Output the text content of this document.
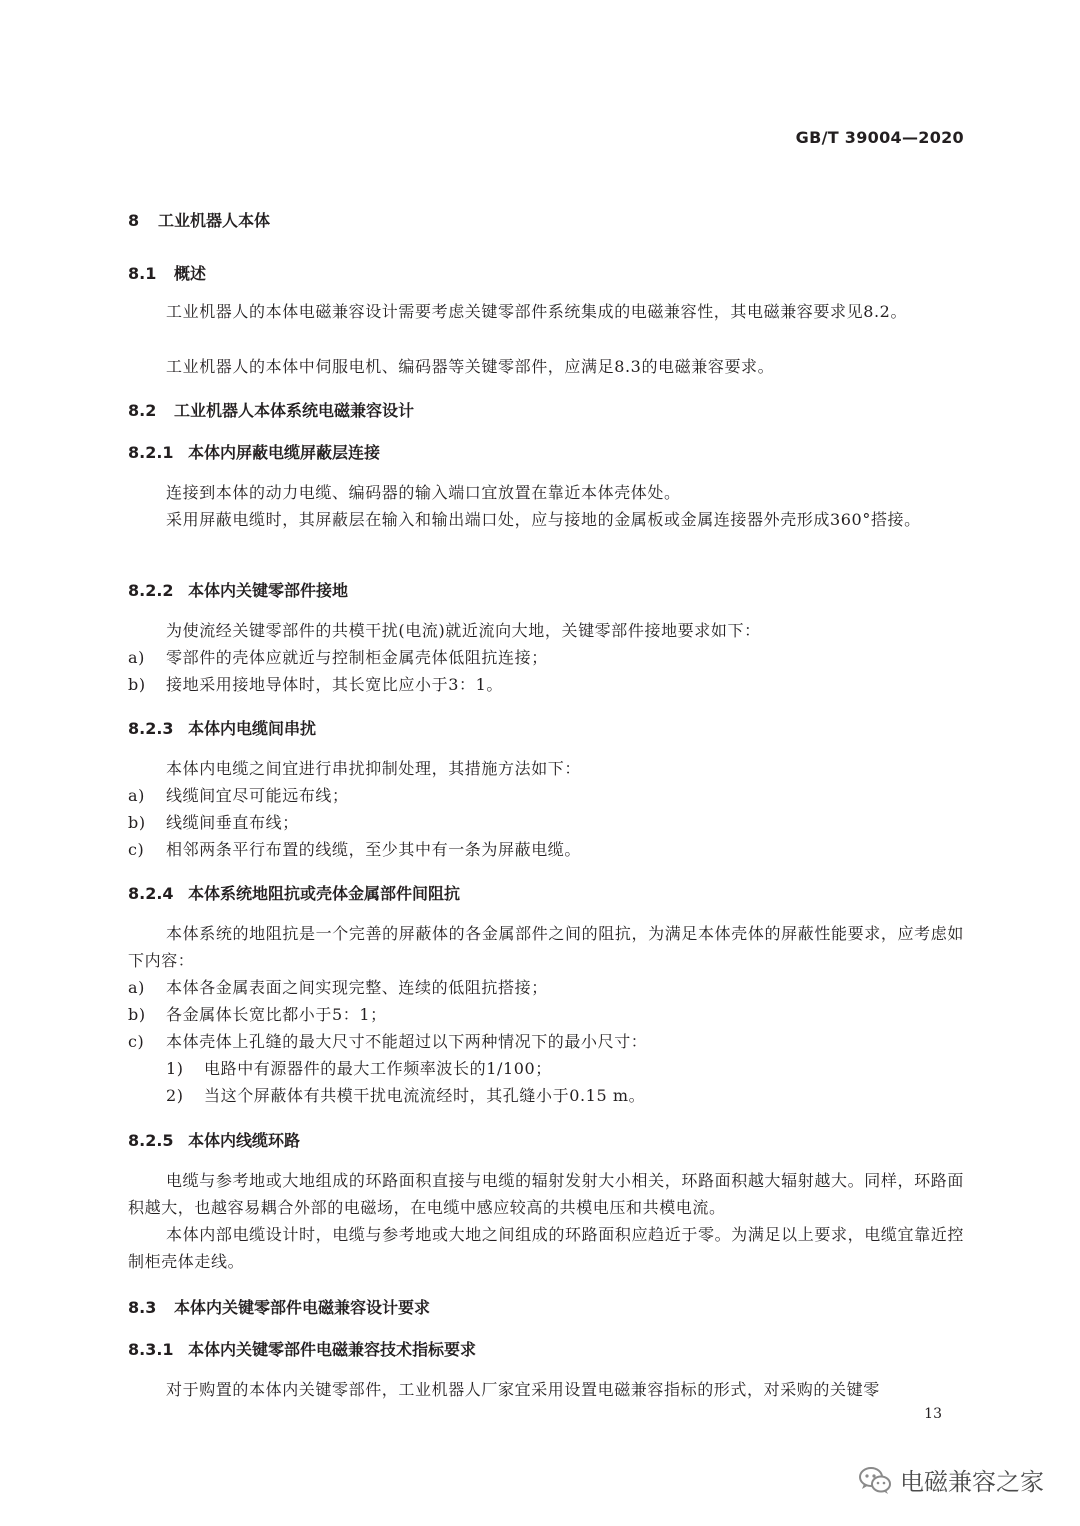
GB/T 39004—2020
8 工业机器人本体
8.1 概述
工业机器人的本体电磁兼容设计需要考虑关键零部件系统集成的电磁兼容性，其电磁兼容要求见8.2。
工业机器人的本体中伺服电机、编码器等关键零部件，应满足8.3的电磁兼容要求。
8.2 工业机器人本体系统电磁兼容设计
8.2.1 本体内屏蔽电缆屏蔽层连接
连接到本体的动力电缆、编码器的输入端口宜放置在靠近本体壳体处。
采用屏蔽电缆时，其屏蔽层在输入和输出端口处，应与接地的金属板或金属连接器外壳形成360°搭接。
8.2.2 本体内关键零部件接地
为使流经关键零部件的共模干扰(电流)就近流向大地，关键零部件接地要求如下：
a) 零部件的壳体应就近与控制柜金属壳体低阻抗连接；
b) 接地采用接地导体时，其长宽比应小于3：1。
8.2.3 本体内电缆间串扰
本体内电缆之间宜进行串扰抑制处理，其措施方法如下：
a) 线缆间宜尽可能远布线；
b) 线缆间垂直布线；
c) 相邻两条平行布置的线缆，至少其中有一条为屏蔽电缆。
8.2.4 本体系统地阻抗或壳体金属部件间阻抗
本体系统的地阻抗是一个完善的屏蔽体的各金属部件之间的阻抗，为满足本体壳体的屏蔽性能要求，应考虑如下内容：
a) 本体各金属表面之间实现完整、连续的低阻抗搭接；
b) 各金属体长宽比都小于5：1；
c) 本体壳体上孔缝的最大尺寸不能超过以下两种情况下的最小尺寸：
1) 电路中有源器件的最大工作频率波长的1/100；
2) 当这个屏蔽体有共模干扰电流流经时，其孔缝小于0.15 m。
8.2.5 本体内线缆环路
电缆与参考地或大地组成的环路面积直接与电缆的辐射发射大小相关，环路面积越大辐射越大。同样，环路面积越大，也越容易耦合外部的电磁场，在电缆中感应较高的共模电压和共模电流。
本体内部电缆设计时，电缆与参考地或大地之间组成的环路面积应趋近于零。为满足以上要求，电缆宜靠近控制柜壳体走线。
8.3 本体内关键零部件电磁兼容设计要求
8.3.1 本体内关键零部件电磁兼容技术指标要求
对于购置的本体内关键零部件，工业机器人厂家宜采用设置电磁兼容指标的形式，对采购的关键零
13
电磁兼容之家
